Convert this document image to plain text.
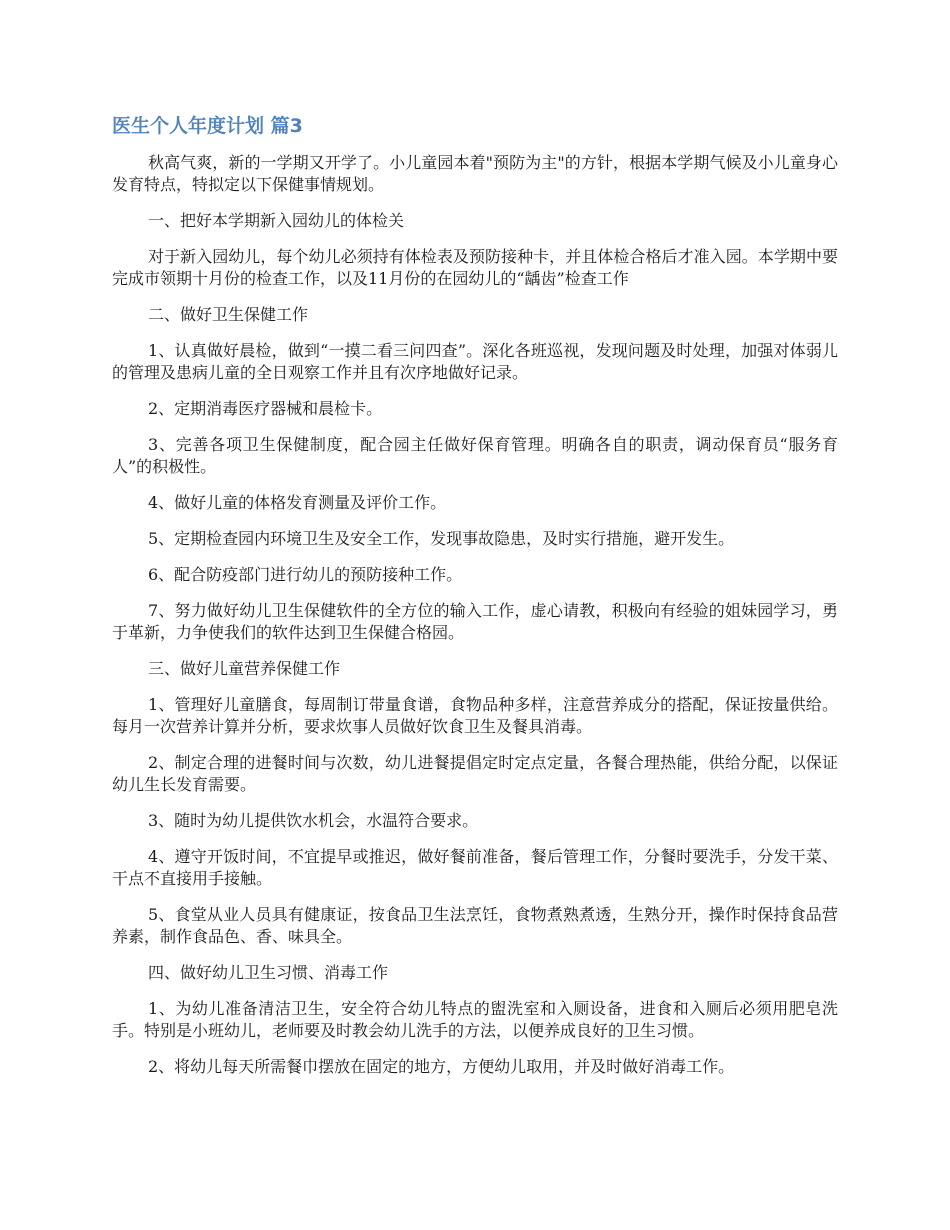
医生个人年度计划 篇3

秋高气爽，新的一学期又开学了。小儿童园本着"预防为主"的方针，根据本学期气候及小儿童身心发育特点，特拟定以下保健事情规划。

一、把好本学期新入园幼儿的体检关

对于新入园幼儿，每个幼儿必须持有体检表及预防接种卡，并且体检合格后才准入园。本学期中要完成市领期十月份的检查工作，以及11月份的在园幼儿的“龋齿”检查工作

二、做好卫生保健工作

1、认真做好晨检，做到“一摸二看三问四查”。深化各班巡视，发现问题及时处理，加强对体弱儿的管理及患病儿童的全日观察工作并且有次序地做好记录。

2、定期消毒医疗器械和晨检卡。

3、完善各项卫生保健制度，配合园主任做好保育管理。明确各自的职责，调动保育员“服务育人”的积极性。

4、做好儿童的体格发育测量及评价工作。

5、定期检查园内环境卫生及安全工作，发现事故隐患，及时实行措施，避开发生。

6、配合防疫部门进行幼儿的预防接种工作。

7、努力做好幼儿卫生保健软件的全方位的输入工作，虚心请教，积极向有经验的姐妹园学习，勇于革新，力争使我们的软件达到卫生保健合格园。

三、做好儿童营养保健工作

1、管理好儿童膳食，每周制订带量食谱，食物品种多样，注意营养成分的搭配，保证按量供给。每月一次营养计算并分析，要求炊事人员做好饮食卫生及餐具消毒。

2、制定合理的进餐时间与次数，幼儿进餐提倡定时定点定量，各餐合理热能，供给分配，以保证幼儿生长发育需要。

3、随时为幼儿提供饮水机会，水温符合要求。

4、遵守开饭时间，不宜提早或推迟，做好餐前准备，餐后管理工作，分餐时要洗手，分发干菜、干点不直接用手接触。

5、食堂从业人员具有健康证，按食品卫生法烹饪，食物煮熟煮透，生熟分开，操作时保持食品营养素，制作食品色、香、味具全。

四、做好幼儿卫生习惯、消毒工作

1、为幼儿准备清洁卫生，安全符合幼儿特点的盥洗室和入厕设备，进食和入厕后必须用肥皂洗手。特别是小班幼儿，老师要及时教会幼儿洗手的方法，以便养成良好的卫生习惯。

2、将幼儿每天所需餐巾摆放在固定的地方，方便幼儿取用，并及时做好消毒工作。
